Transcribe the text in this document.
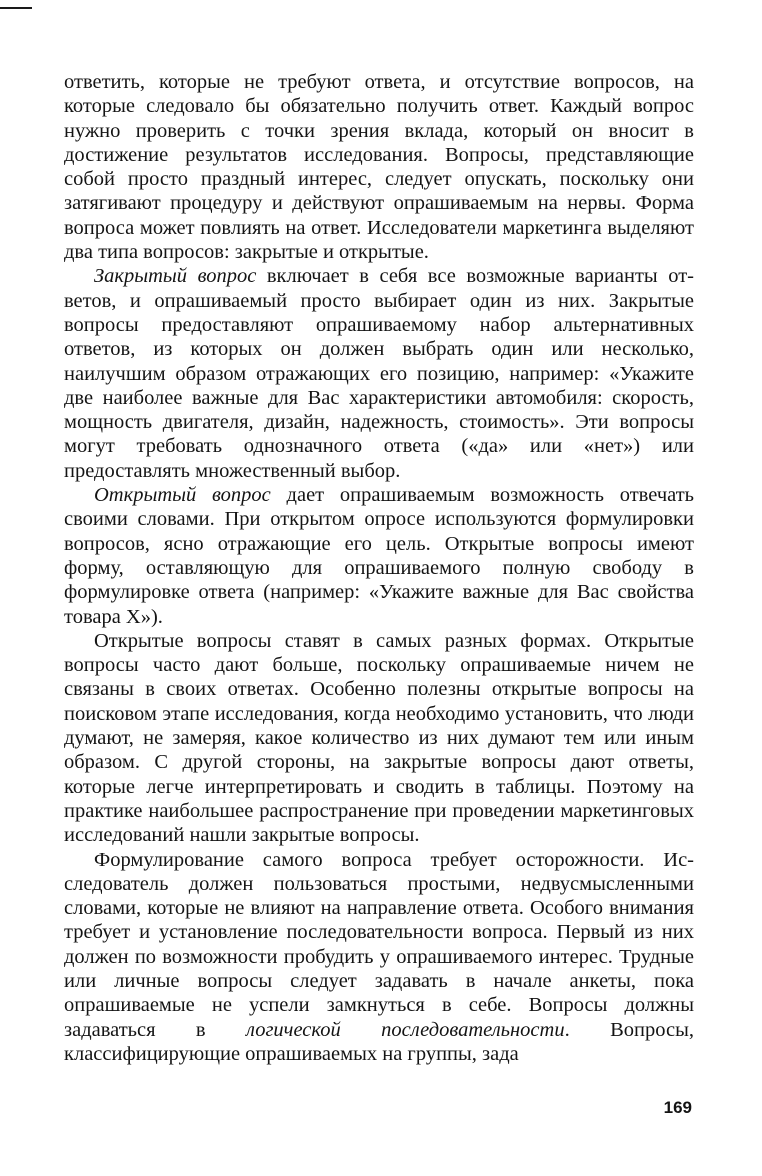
ответить, которые не требуют ответа, и отсутствие вопросов, на которые следовало бы обязательно получить ответ. Каждый вопрос нужно проверить с точки зрения вклада, который он вносит в достижение результатов исследования. Вопросы, представляющие собой просто праздный интерес, следует опускать, поскольку они затягивают процедуру и действуют опрашиваемым на нервы. Форма вопроса может повлиять на ответ. Исследователи маркетинга выделяют два типа вопросов: закрытые и открытые.

Закрытый вопрос включает в себя все возможные варианты ответов, и опрашиваемый просто выбирает один из них. Закрытые вопросы предоставляют опрашиваемому набор альтернативных ответов, из которых он должен выбрать один или несколько, наилучшим образом отражающих его позицию, например: «Укажите две наиболее важные для Вас характеристики автомобиля: скорость, мощность двигателя, дизайн, надежность, стоимость». Эти вопросы могут требовать однозначного ответа («да» или «нет») или предоставлять множественный выбор.

Открытый вопрос дает опрашиваемым возможность отвечать своими словами. При открытом опросе используются формулировки вопросов, ясно отражающие его цель. Открытые вопросы имеют форму, оставляющую для опрашиваемого полную свободу в формулировке ответа (например: «Укажите важные для Вас свойства товара X»).

Открытые вопросы ставят в самых разных формах. Открытые вопросы часто дают больше, поскольку опрашиваемые ничем не связаны в своих ответах. Особенно полезны открытые вопросы на поисковом этапе исследования, когда необходимо установить, что люди думают, не замеряя, какое количество из них думают тем или иным образом. С другой стороны, на закрытые вопросы дают ответы, которые легче интерпретировать и сводить в таблицы. Поэтому на практике наибольшее распространение при проведении маркетинговых исследований нашли закрытые вопросы.

Формулирование самого вопроса требует осторожности. Исследователь должен пользоваться простыми, недвусмысленными словами, которые не влияют на направление ответа. Особого внимания требует и установление последовательности вопроса. Первый из них должен по возможности пробудить у опрашиваемого интерес. Трудные или личные вопросы следует задавать в начале анкеты, пока опрашиваемые не успели замкнуться в себе. Вопросы должны задаваться в логической последовательности. Вопросы, классифицирующие опрашиваемых на группы, зада

169
